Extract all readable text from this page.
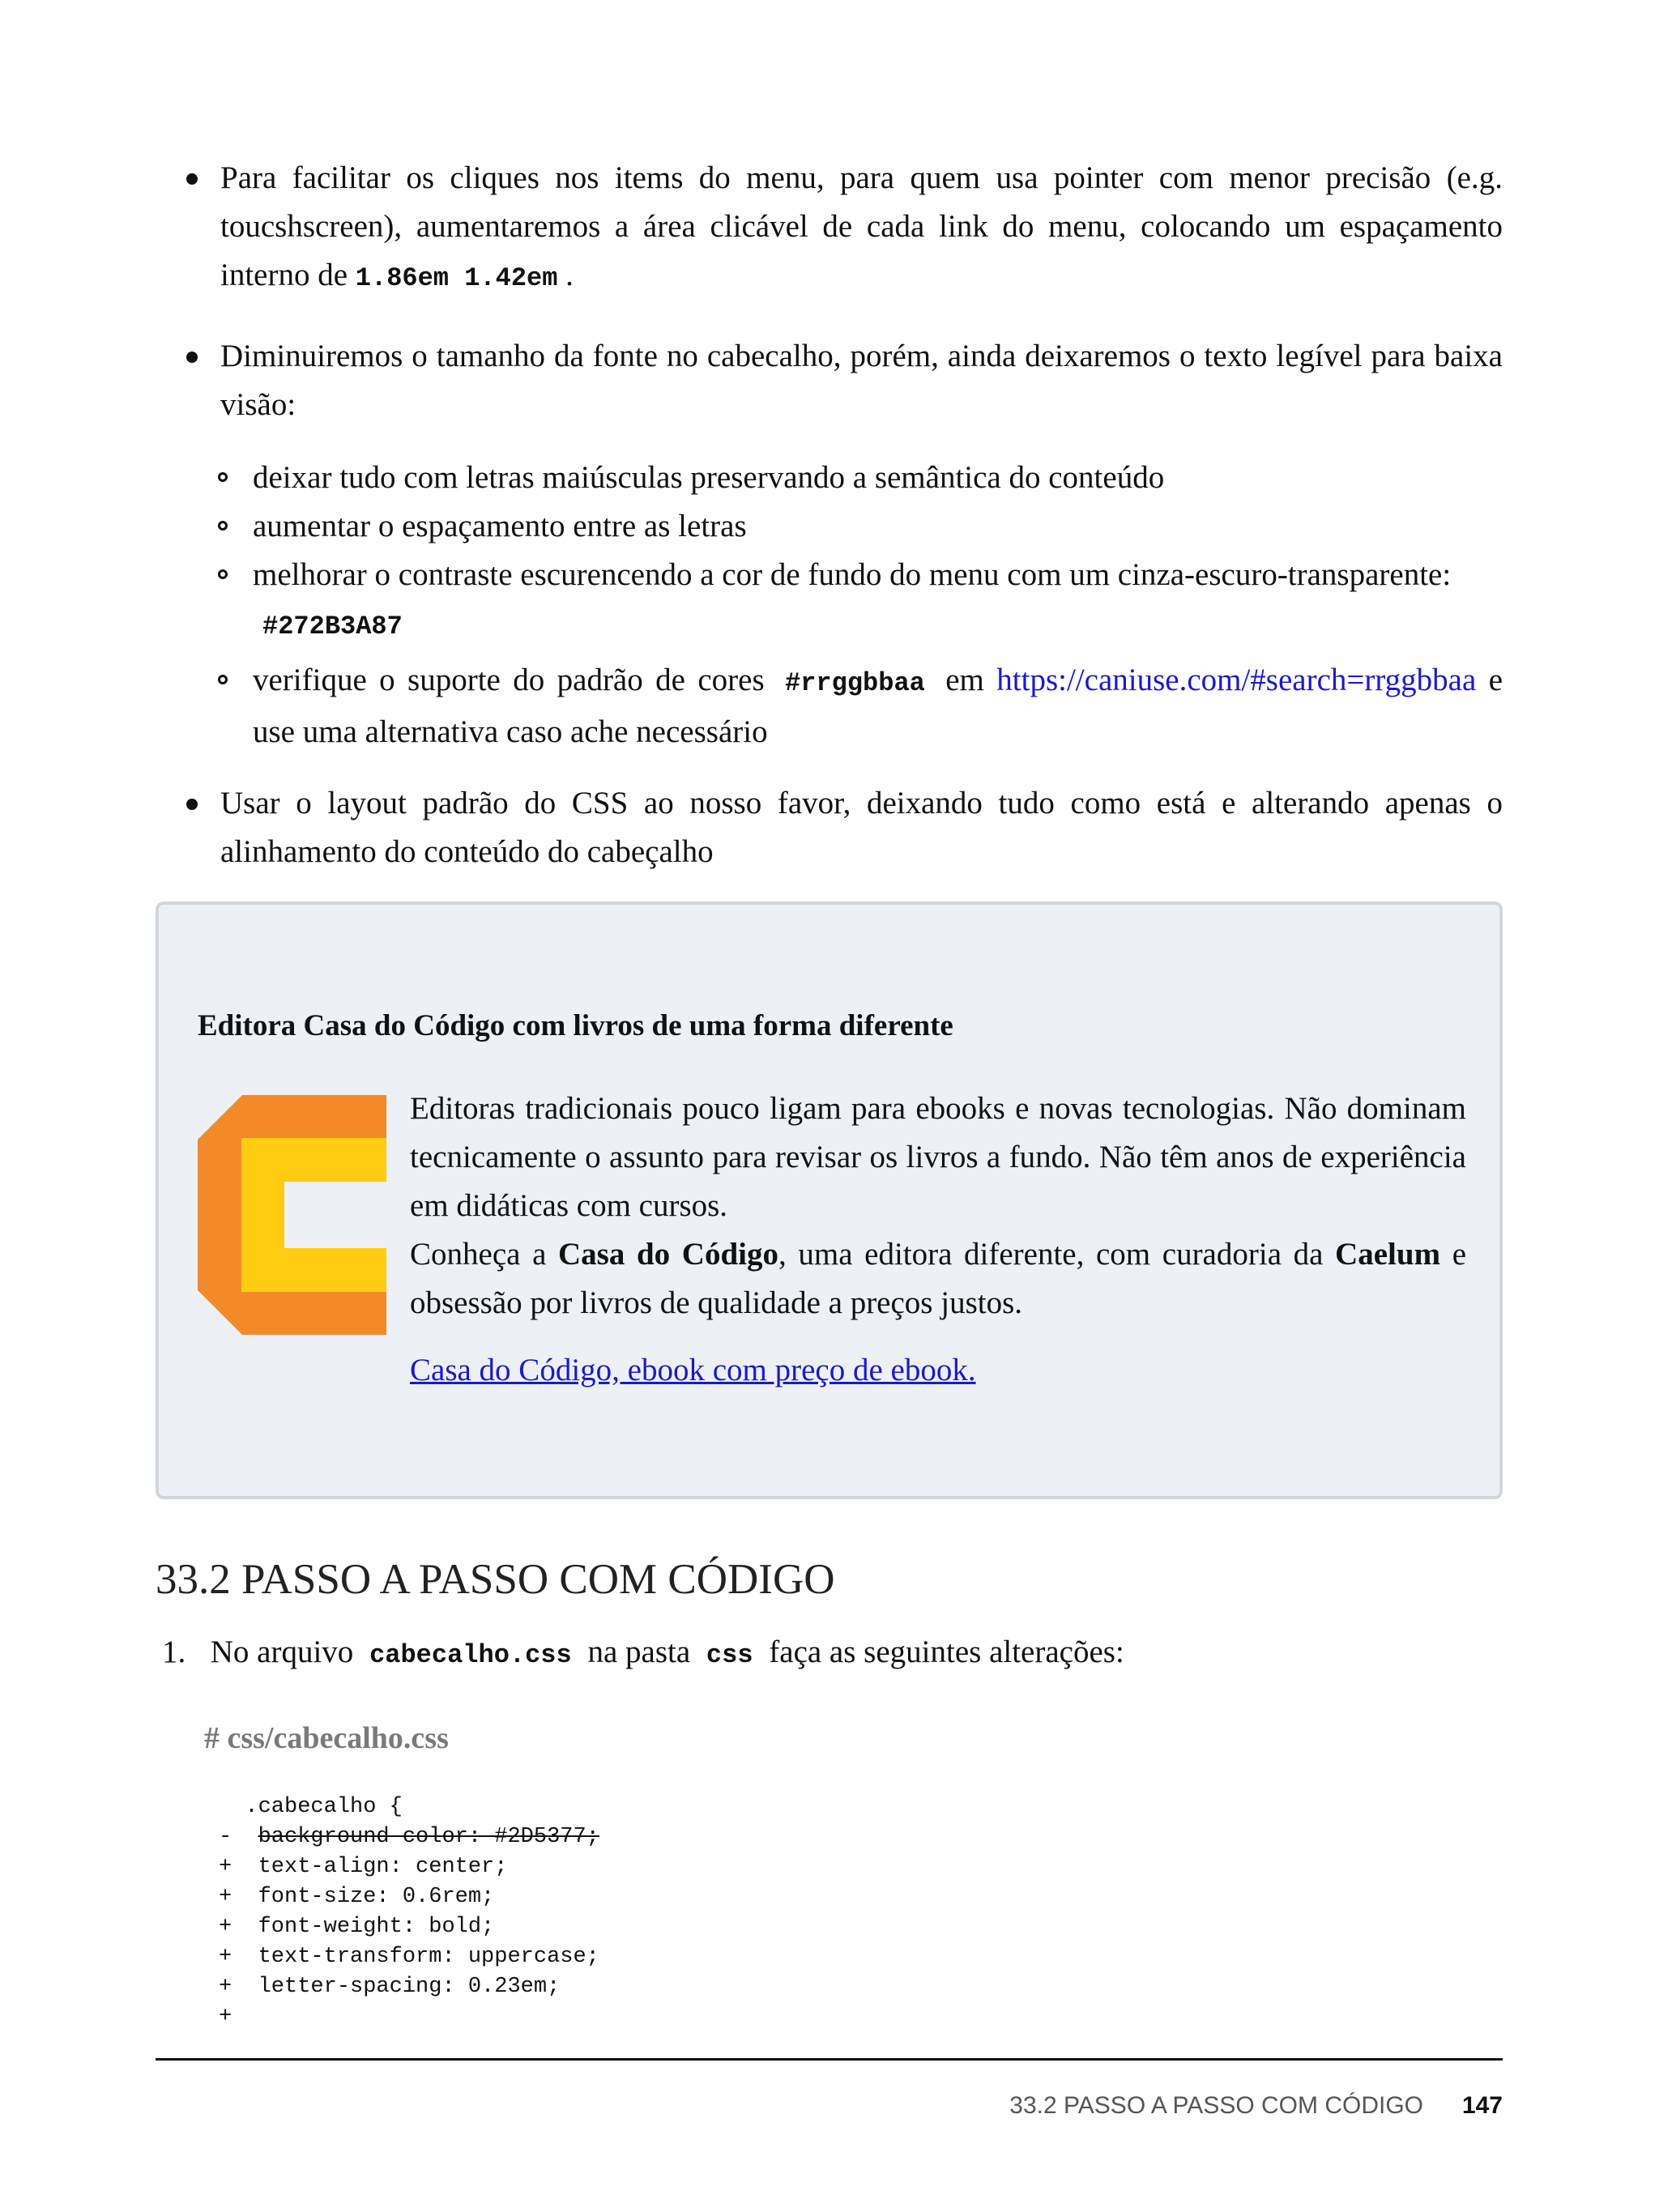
Para facilitar os cliques nos items do menu, para quem usa pointer com menor precisão (e.g. toucshscreen), aumentaremos a área clicável de cada link do menu, colocando um espaçamento interno de 1.86em 1.42em .
Diminuiremos o tamanho da fonte no cabecalho, porém, ainda deixaremos o texto legível para baixa visão:
deixar tudo com letras maiúsculas preservando a semântica do conteúdo
aumentar o espaçamento entre as letras
melhorar o contraste escurencendo a cor de fundo do menu com um cinza-escuro-transparente:
#272B3A87
verifique o suporte do padrão de cores #rrggbbaa em https://caniuse.com/#search=rrggbbaa e use uma alternativa caso ache necessário
Usar o layout padrão do CSS ao nosso favor, deixando tudo como está e alterando apenas o alinhamento do conteúdo do cabeçalho
Editora Casa do Código com livros de uma forma diferente

Editoras tradicionais pouco ligam para ebooks e novas tecnologias. Não dominam tecnicamente o assunto para revisar os livros a fundo. Não têm anos de experiência em didáticas com cursos.

Conheça a Casa do Código, uma editora diferente, com curadoria da Caelum e obsessão por livros de qualidade a preços justos.

Casa do Código, ebook com preço de ebook.
33.2 PASSO A PASSO COM CÓDIGO
1. No arquivo cabecalho.css na pasta css faça as seguintes alterações:
# css/cabecalho.css
.cabecalho {
-  background-color: #2D5377;
+  text-align: center;
+  font-size: 0.6rem;
+  font-weight: bold;
+  text-transform: uppercase;
+  letter-spacing: 0.23em;
+
33.2 PASSO A PASSO COM CÓDIGO 147
